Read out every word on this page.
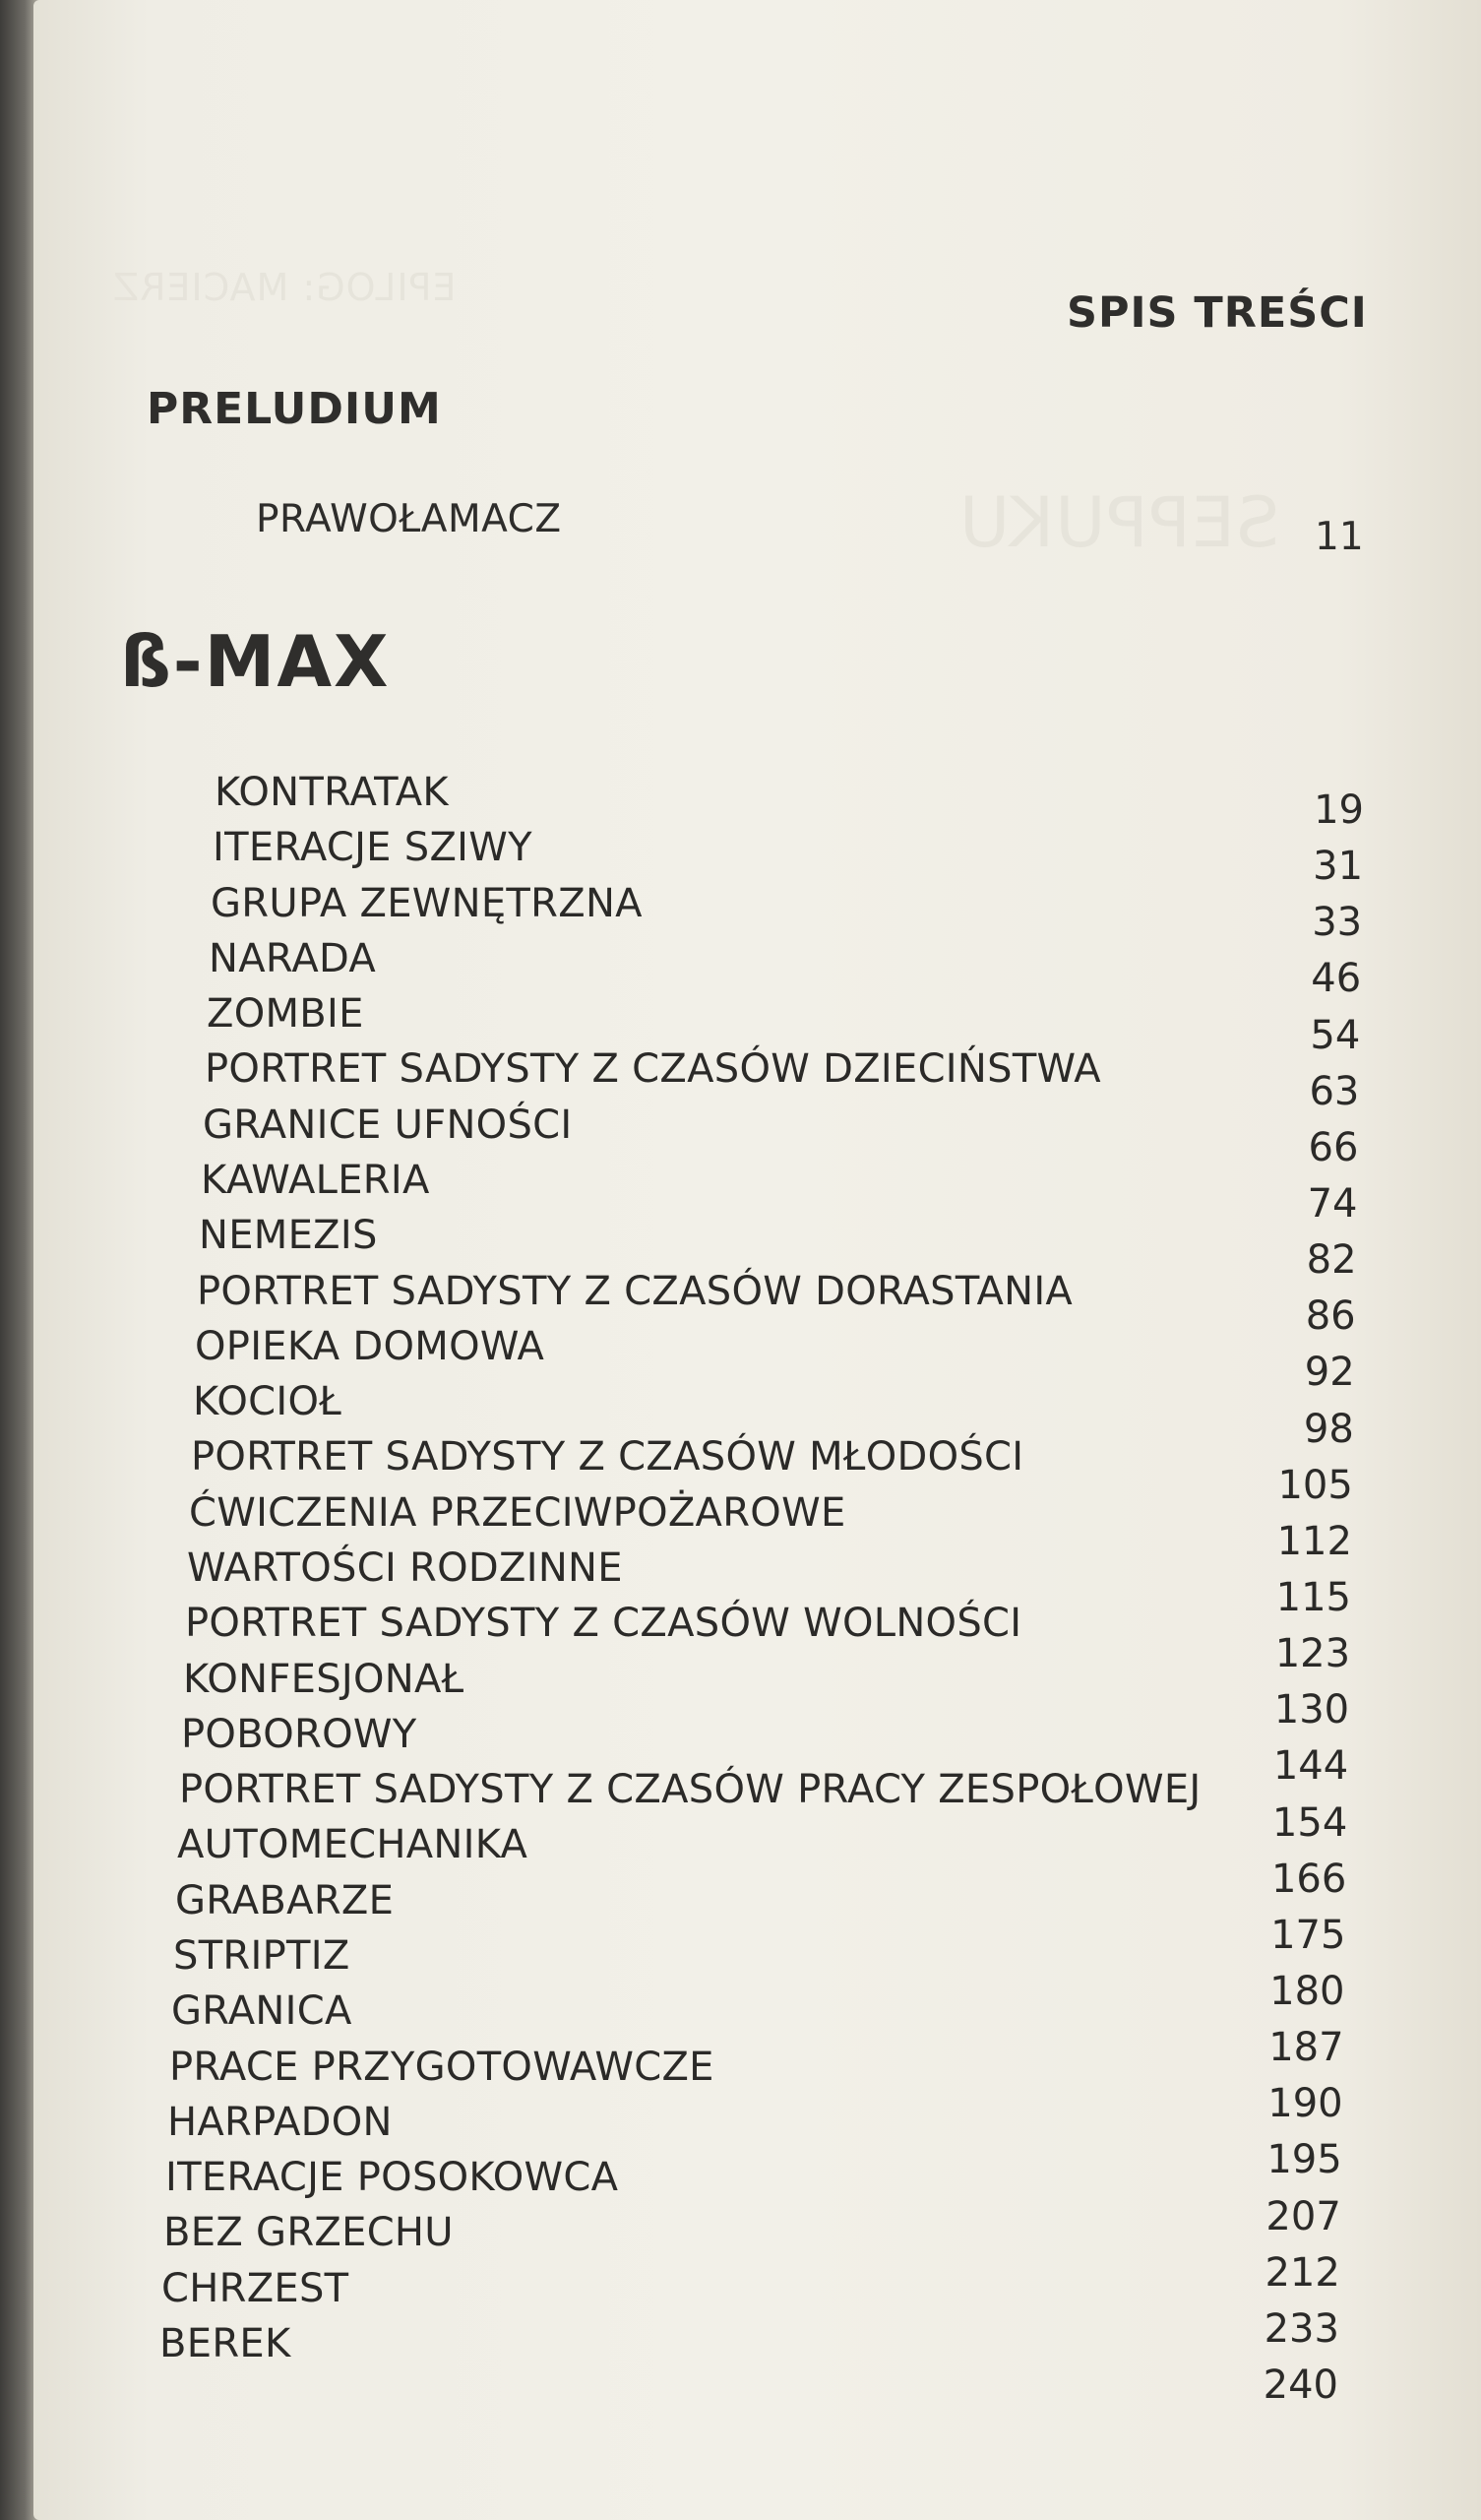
SEPPUKU
EPILOG: MACIERZ
SPIS TREŚCI
PRELUDIUM
PRAWOŁAMACZ	11
ß-MAX
KONTRATAK
ITERACJE SZIWY
GRUPA ZEWNĘTRZNA
NARADA
ZOMBIE
PORTRET SADYSTY Z CZASÓW DZIECIŃSTWA
GRANICE UFNOŚCI
KAWALERIA
NEMEZIS
PORTRET SADYSTY Z CZASÓW DORASTANIA
OPIEKA DOMOWA
KOCIOŁ
PORTRET SADYSTY Z CZASÓW MŁODOŚCI
ĆWICZENIA PRZECIWPOŻAROWE
WARTOŚCI RODZINNE
PORTRET SADYSTY Z CZASÓW WOLNOŚCI
KONFESJONAŁ
POBOROWY
PORTRET SADYSTY Z CZASÓW PRACY ZESPOŁOWEJ
AUTOMECHANIKA
GRABARZE
STRIPTIZ
GRANICA
PRACE PRZYGOTOWAWCZE
HARPADON
ITERACJE POSOKOWCA
BEZ GRZECHU
CHRZEST
BEREK
19
31
33
46
54
63
66
74
82
86
92
98
105
112
115
123
130
144
154
166
175
180
187
190
195
207
212
233
240
